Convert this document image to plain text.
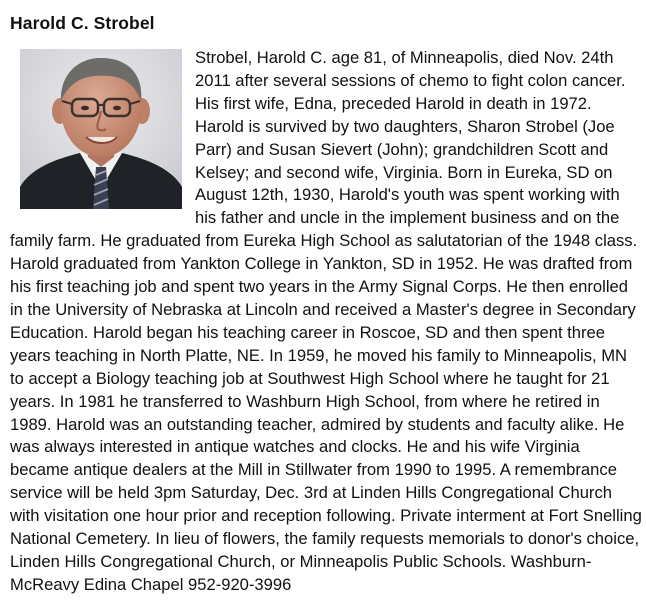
Harold C. Strobel
Strobel, Harold C. age 81, of Minneapolis, died Nov. 24th 2011 after several sessions of chemo to fight colon cancer. His first wife, Edna, preceded Harold in death in 1972. Harold is survived by two daughters, Sharon Strobel (Joe Parr) and Susan Sievert (John); grandchildren Scott and Kelsey; and second wife, Virginia. Born in Eureka, SD on August 12th, 1930, Harold's youth was spent working with his father and uncle in the implement business and on the family farm. He graduated from Eureka High School as salutatorian of the 1948 class. Harold graduated from Yankton College in Yankton, SD in 1952. He was drafted from his first teaching job and spent two years in the Army Signal Corps. He then enrolled in the University of Nebraska at Lincoln and received a Master's degree in Secondary Education. Harold began his teaching career in Roscoe, SD and then spent three years teaching in North Platte, NE. In 1959, he moved his family to Minneapolis, MN to accept a Biology teaching job at Southwest High School where he taught for 21 years. In 1981 he transferred to Washburn High School, from where he retired in 1989. Harold was an outstanding teacher, admired by students and faculty alike. He was always interested in antique watches and clocks. He and his wife Virginia became antique dealers at the Mill in Stillwater from 1990 to 1995. A remembrance service will be held 3pm Saturday, Dec. 3rd at Linden Hills Congregational Church with visitation one hour prior and reception following. Private interment at Fort Snelling National Cemetery. In lieu of flowers, the family requests memorials to donor's choice, Linden Hills Congregational Church, or Minneapolis Public Schools. Washburn-McReavy Edina Chapel 952-920-3996
